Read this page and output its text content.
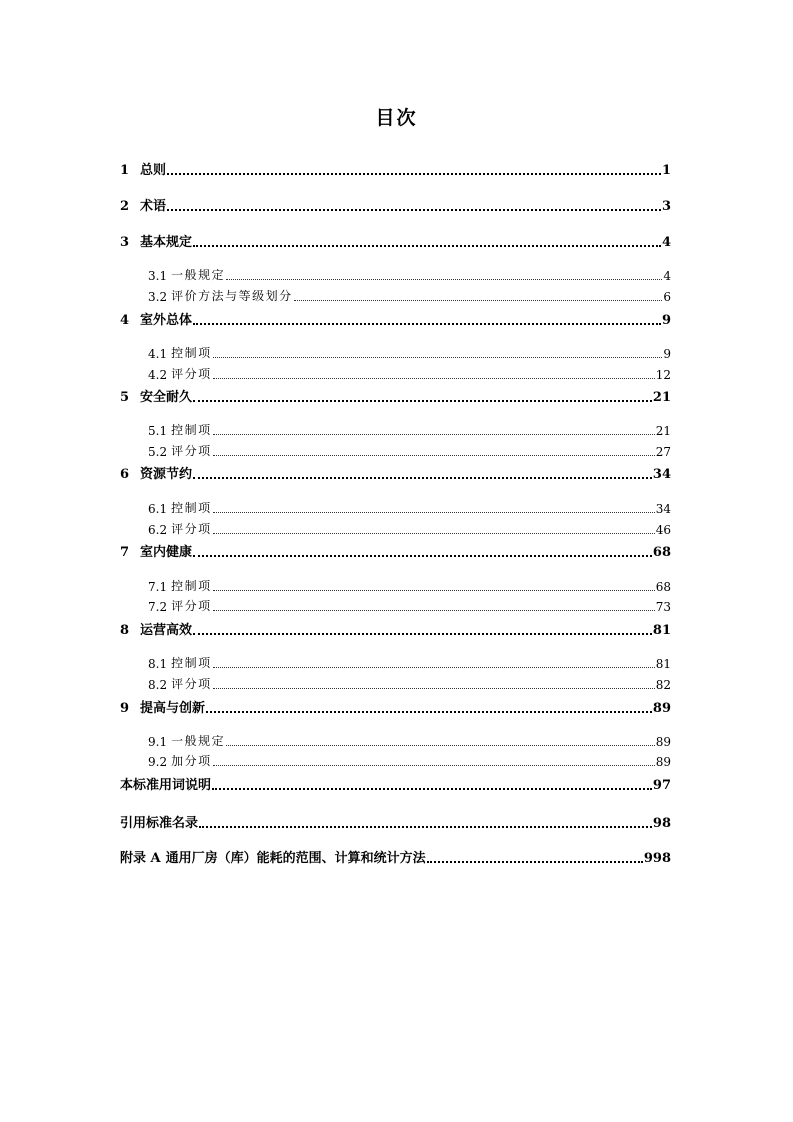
目次
1 总则	1
2 术语	3
3 基本规定	4
3.1 一般规定	4
3.2 评价方法与等级划分	6
4 室外总体	9
4.1 控制项	9
4.2 评分项	12
5 安全耐久	21
5.1 控制项	21
5.2 评分项	27
6 资源节约	34
6.1 控制项	34
6.2 评分项	46
7 室内健康	68
7.1 控制项	68
7.2 评分项	73
8 运营高效	81
8.1 控制项	81
8.2 评分项	82
9 提高与创新	89
9.1 一般规定	89
9.2 加分项	89
本标准用词说明	97
引用标准名录	98
附录 A 通用厂房（库）能耗的范围、计算和统计方法	998
